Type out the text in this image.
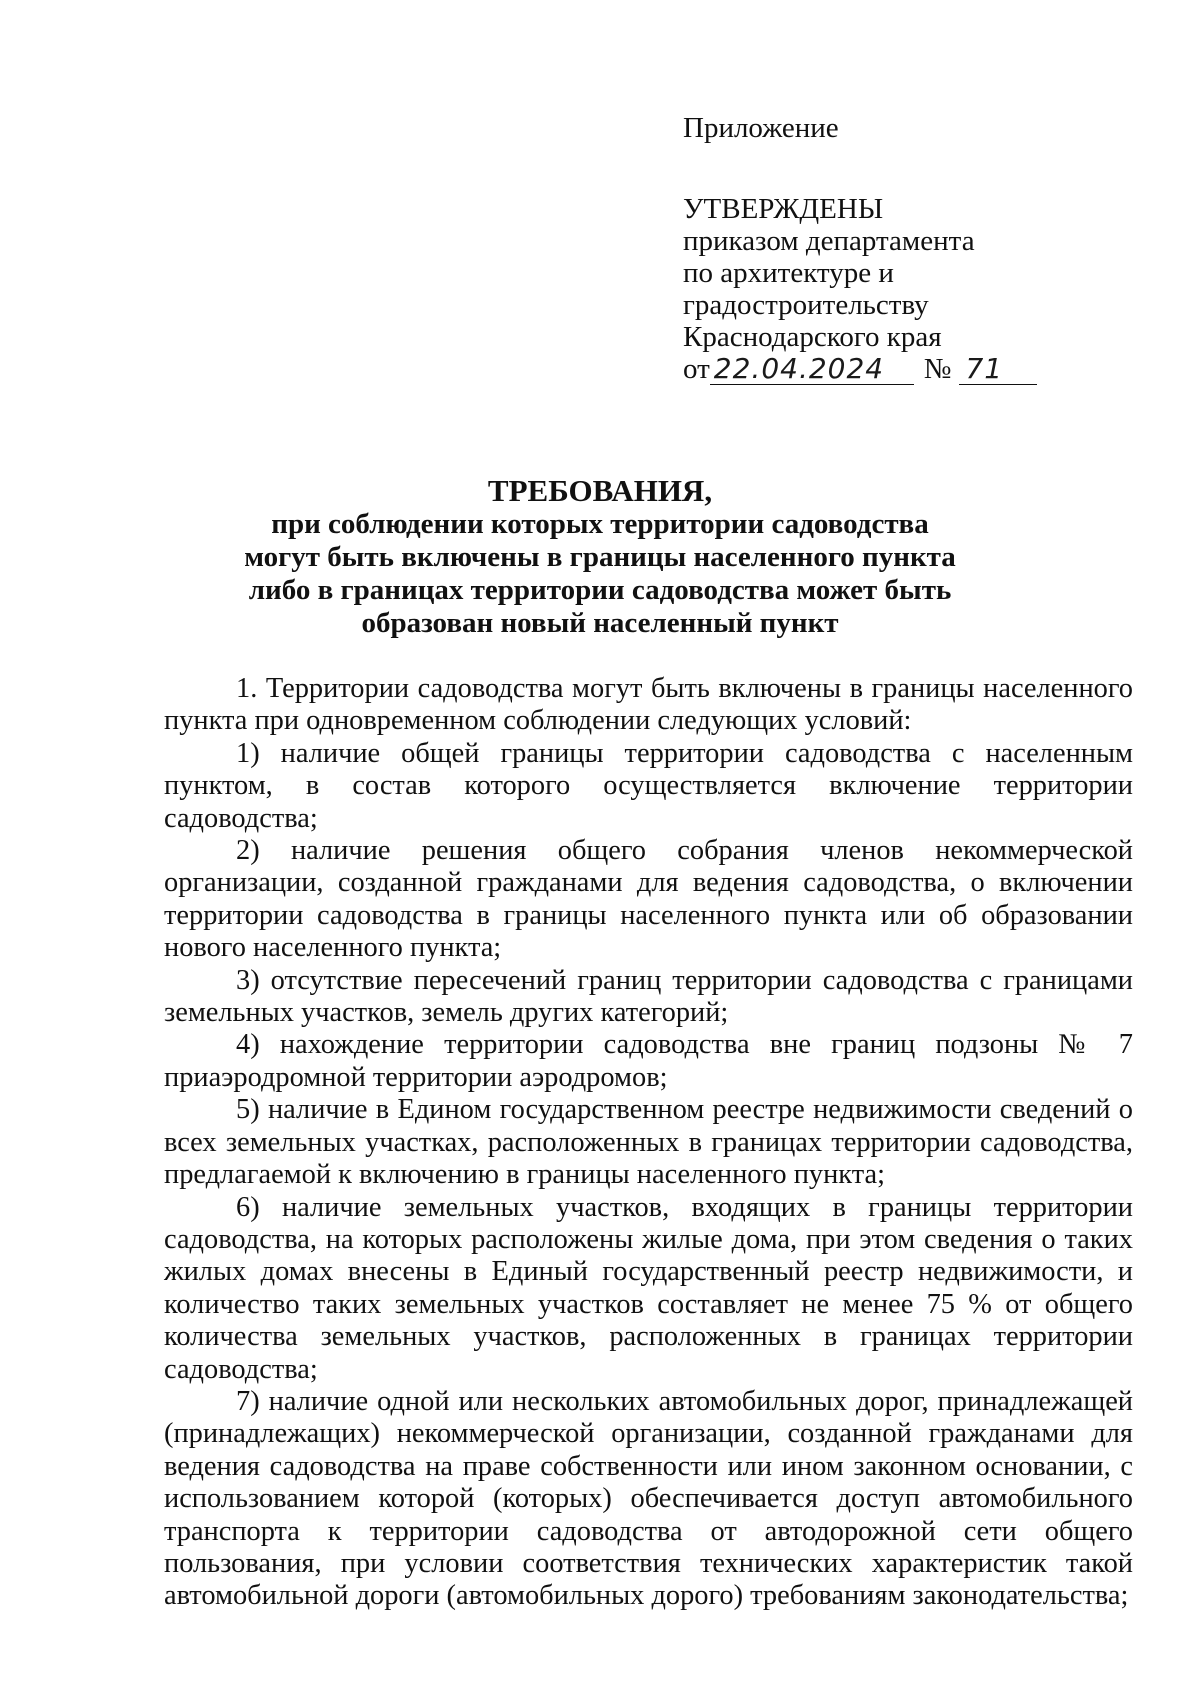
Приложение
УТВЕРЖДЕНЫ
приказом департамента
по архитектуре и
градостроительству
Краснодарского края
от 22.04.2024	№ 71
ТРЕБОВАНИЯ,
при соблюдении которых территории садоводства
могут быть включены в границы населенного пункта
либо в границах территории садоводства может быть
образован новый населенный пункт

1. Территории садоводства могут быть включены в границы населенного пункта при одновременном соблюдении следующих условий:

1) наличие общей границы территории садоводства с населенным пунктом, в состав которого осуществляется включение территории садоводства;

2) наличие решения общего собрания членов некоммерческой организации, созданной гражданами для ведения садоводства, о включении территории садоводства в границы населенного пункта или об образовании нового населенного пункта;

3) отсутствие пересечений границ территории садоводства с границами земельных участков, земель других категорий;

4) нахождение территории садоводства вне границ подзоны № 7 приаэродромной территории аэродромов;

5) наличие в Едином государственном реестре недвижимости сведений о всех земельных участках, расположенных в границах территории садоводства, предлагаемой к включению в границы населенного пункта;

6) наличие земельных участков, входящих в границы территории садоводства, на которых расположены жилые дома, при этом сведения о таких жилых домах внесены в Единый государственный реестр недвижимости, и количество таких земельных участков составляет не менее 75 % от общего количества земельных участков, расположенных в границах территории садоводства;

7) наличие одной или нескольких автомобильных дорог, принадлежащей (принадлежащих) некоммерческой организации, созданной гражданами для ведения садоводства на праве собственности или ином законном основании, с использованием которой (которых) обеспечивается доступ автомобильного транспорта к территории садоводства от автодорожной сети общего пользования, при условии соответствия технических характеристик такой автомобильной дороги (автомобильных дорого) требованиям законодательства;
